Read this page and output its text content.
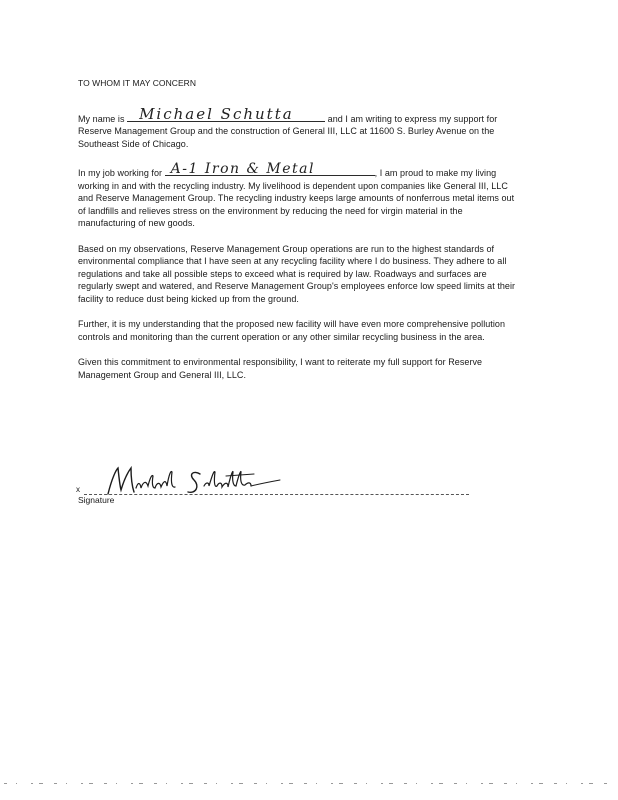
TO WHOM IT MAY CONCERN

My name is Michael Schutta	and I am writing to express my support for Reserve Management Group and the construction of General III, LLC at 11600 S. Burley Avenue on the Southeast Side of Chicago.

In my job working for A-1 Iron & Metal	, I am proud to make my living working in and with the recycling industry. My livelihood is dependent upon companies like General III, LLC and Reserve Management Group. The recycling industry keeps large amounts of nonferrous metal items out of landfills and relieves stress on the environment by reducing the need for virgin material in the manufacturing of new goods.

Based on my observations, Reserve Management Group operations are run to the highest standards of environmental compliance that I have seen at any recycling facility where I do business. They adhere to all regulations and take all possible steps to exceed what is required by law. Roadways and surfaces are regularly swept and watered, and Reserve Management Group's employees enforce low speed limits at their facility to reduce dust being kicked up from the ground.

Further, it is my understanding that the proposed new facility will have even more comprehensive pollution controls and monitoring than the current operation or any other similar recycling business in the area.

Given this commitment to environmental responsibility, I want to reiterate my full support for Reserve Management Group and General III, LLC.

x
Signature
